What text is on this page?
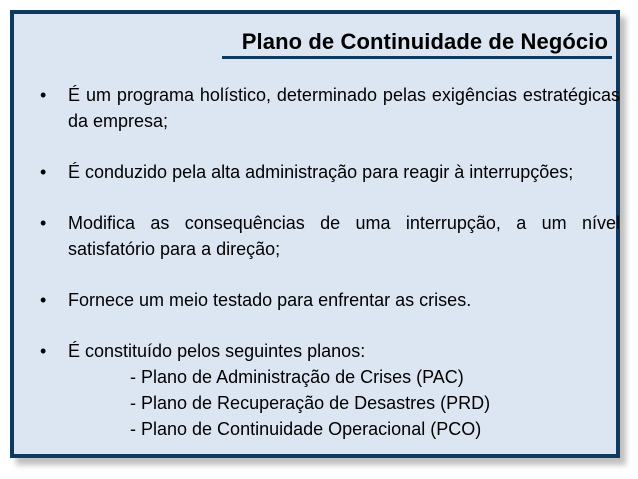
Plano de Continuidade de Negócio
• É um programa holístico, determinado pelas exigências estratégicas da empresa;
• É conduzido pela alta administração para reagir à interrupções;
• Modifica as consequências de uma interrupção, a um nível satisfatório para a direção;
• Fornece um meio testado para enfrentar as crises.
• É constituído pelos seguintes planos:
- Plano de Administração de Crises (PAC)
- Plano de Recuperação de Desastres (PRD)
- Plano de Continuidade Operacional (PCO)
